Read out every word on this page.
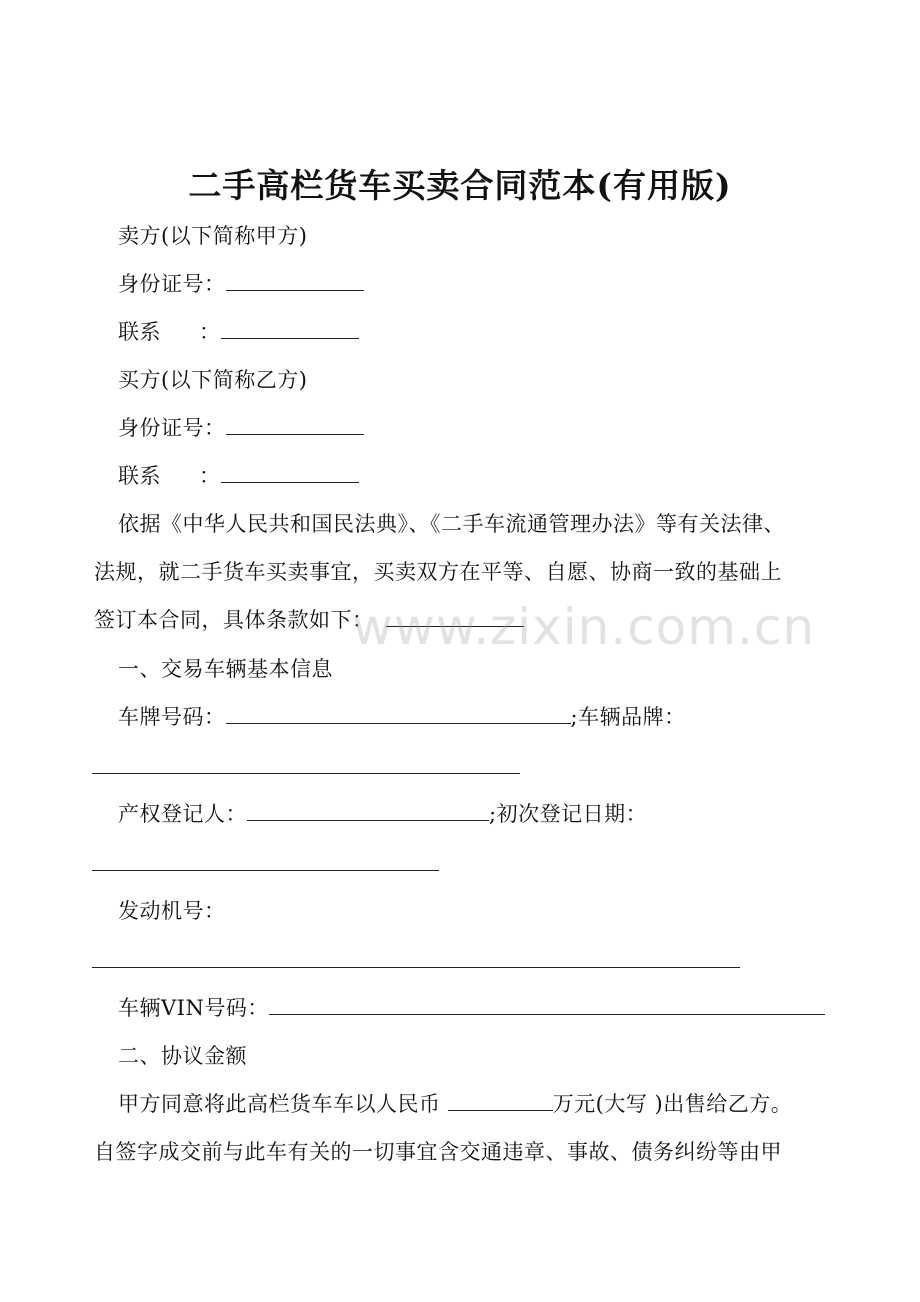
二手高栏货车买卖合同范本(有用版)
卖方(以下简称甲方)
身份证号：
联系 ：
买方(以下简称乙方)
身份证号：
联系 ：
依据《中华人民共和国民法典》、《二手车流通管理办法》等有关法律、
法规，就二手货车买卖事宜，买卖双方在平等、自愿、协商一致的基础上
签订本合同，具体条款如下：
一、交易车辆基本信息
车牌号码：	;车辆品牌：
产权登记人：	;初次登记日期：
发动机号：
车辆VIN号码：
二、协议金额
甲方同意将此高栏货车车以人民币	万元(大写 )出售给乙方。
自签字成交前与此车有关的一切事宜含交通违章、事故、债务纠纷等由甲
www.zixin.com.cn
